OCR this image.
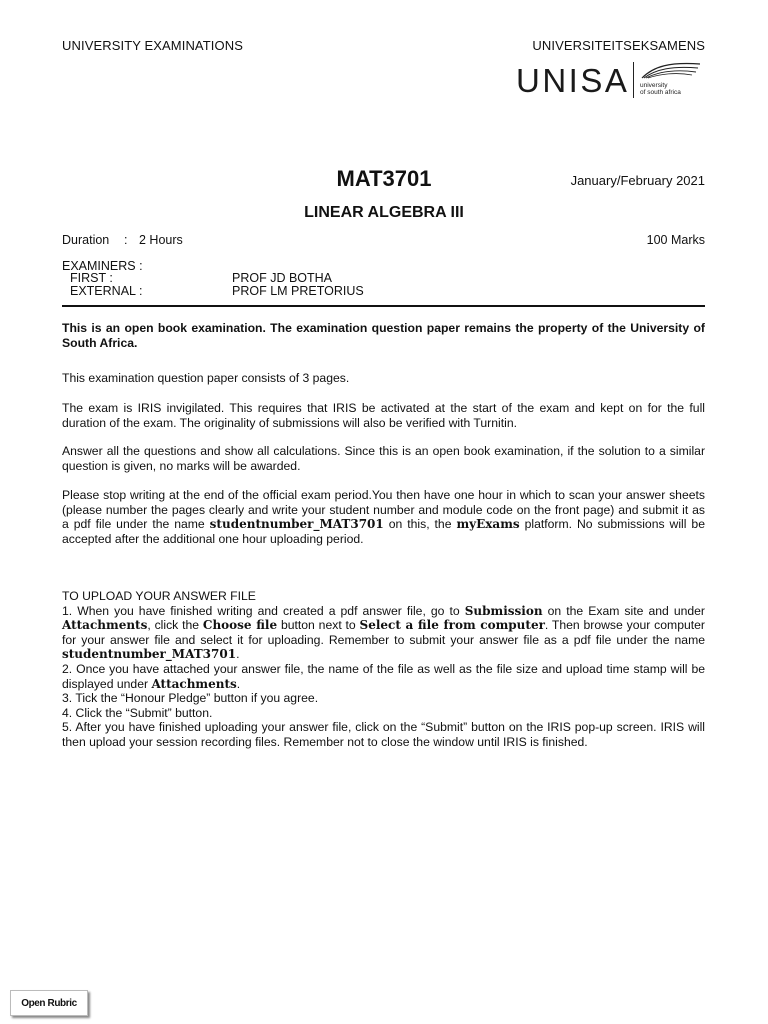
UNIVERSITY EXAMINATIONS	UNIVERSITEITSEKSAMENS
UNISA university
of south africa
MAT3701	January/February 2021
LINEAR ALGEBRA III
Duration : 2 Hours	100 Marks
EXAMINERS :
FIRST :	PROF JD BOTHA
EXTERNAL :	PROF LM PRETORIUS
This is an open book examination. The examination question paper remains the property of the University of South Africa.
This examination question paper consists of 3 pages.
The exam is IRIS invigilated. This requires that IRIS be activated at the start of the exam and kept on for the full duration of the exam. The originality of submissions will also be verified with Turnitin.
Answer all the questions and show all calculations. Since this is an open book examination, if the solution to a similar question is given, no marks will be awarded.
Please stop writing at the end of the official exam period.You then have one hour in which to scan your answer sheets (please number the pages clearly and write your student number and module code on the front page) and submit it as a pdf file under the name studentnumber_MAT3701 on this, the myExams platform. No submissions will be accepted after the additional one hour uploading period.

TO UPLOAD YOUR ANSWER FILE

1. When you have finished writing and created a pdf answer file, go to Submission on the Exam site and under Attachments, click the Choose file button next to Select a file from computer. Then browse your computer for your answer file and select it for uploading. Remember to submit your answer file as a pdf file under the name studentnumber_MAT3701.

2. Once you have attached your answer file, the name of the file as well as the file size and upload time stamp will be displayed under Attachments.

3. Tick the “Honour Pledge” button if you agree.

4. Click the “Submit” button.

5. After you have finished uploading your answer file, click on the “Submit” button on the IRIS pop-up screen. IRIS will then upload your session recording files. Remember not to close the window until IRIS is finished.

Open Rubric
